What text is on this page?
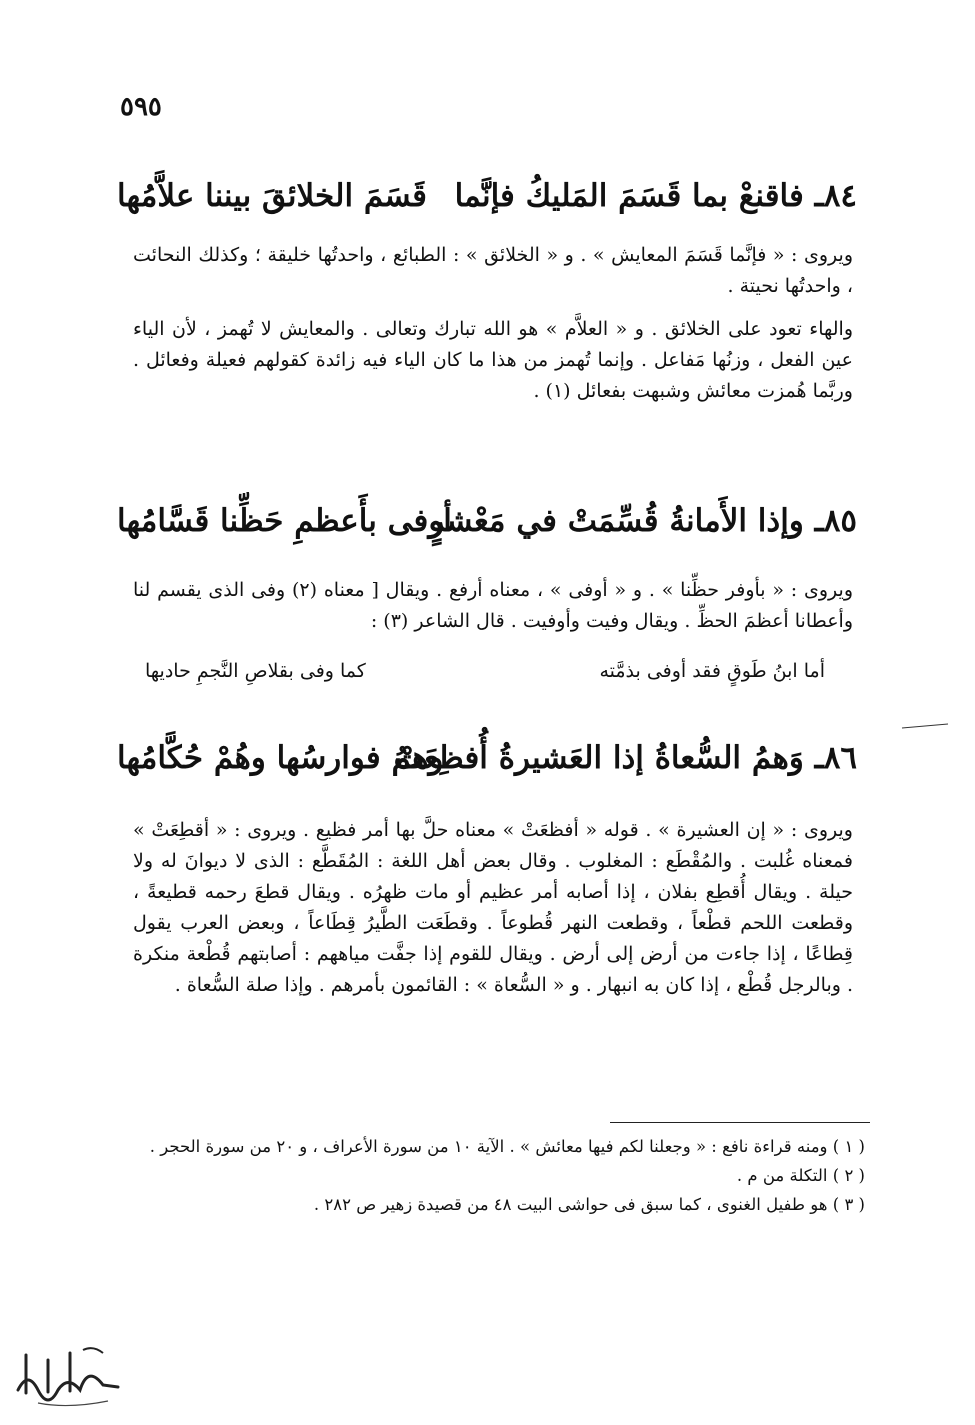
٥٩٥
٨٤ـ فاقنعْ بما قَسَمَ المَليكُ فإنَّما
قَسَمَ الخلائقَ بيننا علاَّمُها

ويروى : « فإنَّما قَسَمَ المعايش » . و « الخلائق » : الطبائع ، واحدتُها خليقة ؛ وكذلك النحائت ، واحدتُها نحيتة .

والهاء تعود على الخلائق . و « العلاَّم » هو الله تبارك وتعالى . والمعايش لا تُهمز ، لأن الياء عين الفعل ، وزنُها مَفاعل . وإنما تُهمز من هذا ما كان الياء فيه زائدة كقولهم فعيلة وفعائل . وربَّما هُمزت معائش وشبهت بفعائل (١) .

٨٥ـ وإذا الأَمانةُ قُسِّمَتْ في مَعْشرٍ
أوفى بأَعظمِ حَظِّنا قَسَّامُها

ويروى : « بأوفر حظِّنا » . و « أوفى » ، معناه أرفع . ويقال [ معناه (٢) وفى الذى يقسم لنا وأعطانا أعظمَ الحظِّ . ويقال وفيت وأوفيت . قال الشاعر (٣) :

أما ابنُ طَوقٍ فقد أوفى بذمَّته
كما وفى بقلاصِ النَّجمِ حاديها
٨٦ـ وَهمُ السُّعاةُ إذا العَشيرةُ أُفظِعَتْ
وهمُ فوارسُها وهُمْ حُكَّامُها

ويروى : « إن العشيرة » . قوله « أفظعَتْ » معناه حلَّ بها أمر فظيع . ويروى : « أقطِعَتْ » فمعناه غُلبت . والمُقْطَع : المغلوب . وقال بعض أهل اللغة : المُقَطَّع : الذى لا ديوانَ له ولا حيلة . ويقال أُقطِع بفلان ، إذا أصابه أمر عظيم أو مات ظهرُه . ويقال قطعَ رحمه قطيعةً ، وقطعت اللحم قطْعاً ، وقطعت النهر قُطوعاً . وقطَعَت الطَّيرُ قِطَاعاً ، وبعض العرب يقول قِطاعًا ، إذا جاءت من أرض إلى أرض . ويقال للقوم إذا جفَّت مياههم : أصابتهم قُطْعة منكرة . وبالرجل قُطْع ، إذا كان به انبهار . و « السُّعاة » : القائمون بأمرهم . وإذا صلة السُّعاة .

( ١ ) ومنه قراءة نافع : « وجعلنا لكم فيها معائش » . الآية ١٠ من سورة الأعراف ، و ٢٠ من سورة الحجر .

( ٢ ) التكلة من م .

( ٣ ) هو طفيل الغنوى ، كما سبق فى حواشى البيت ٤٨ من قصيدة زهير ص ٢٨٢ .
